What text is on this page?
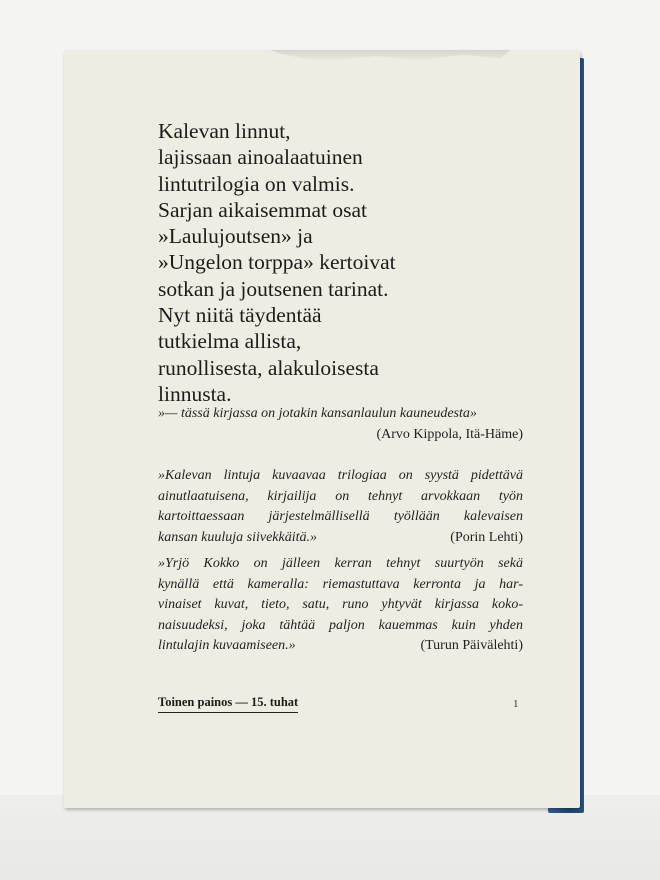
Kalevan linnut,
lajissaan ainoalaatuinen
lintutrilogia on valmis.
Sarjan aikaisemmat osat
»Laulujoutsen» ja
»Ungelon torppa» kertoivat
sotkan ja joutsenen tarinat.
Nyt niitä täydentää
tutkielma allista,
runollisesta, alakuloisesta
linnusta.
»— tässä kirjassa on jotakin kansanlaulun kauneudesta»
(Arvo Kippola, Itä-Häme)
»Kalevan lintuja kuvaavaa trilogiaa on syystä pidettävä
ainutlaatuisena, kirjailija on tehnyt arvokkaan työn
kartoittaessaan järjestelmällisellä työllään kalevaisen
kansan kuuluja siivekkäitä.»	(Porin Lehti)
»Yrjö Kokko on jälleen kerran tehnyt suurtyön sekä
kynällä että kameralla: riemastuttava kerronta ja har-
vinaiset kuvat, tieto, satu, runo yhtyvät kirjassa koko-
naisuudeksi, joka tähtää paljon kauemmas kuin yhden
lintulajin kuvaamiseen.»	(Turun Päivälehti)
Toinen painos — 15. tuhat	1
